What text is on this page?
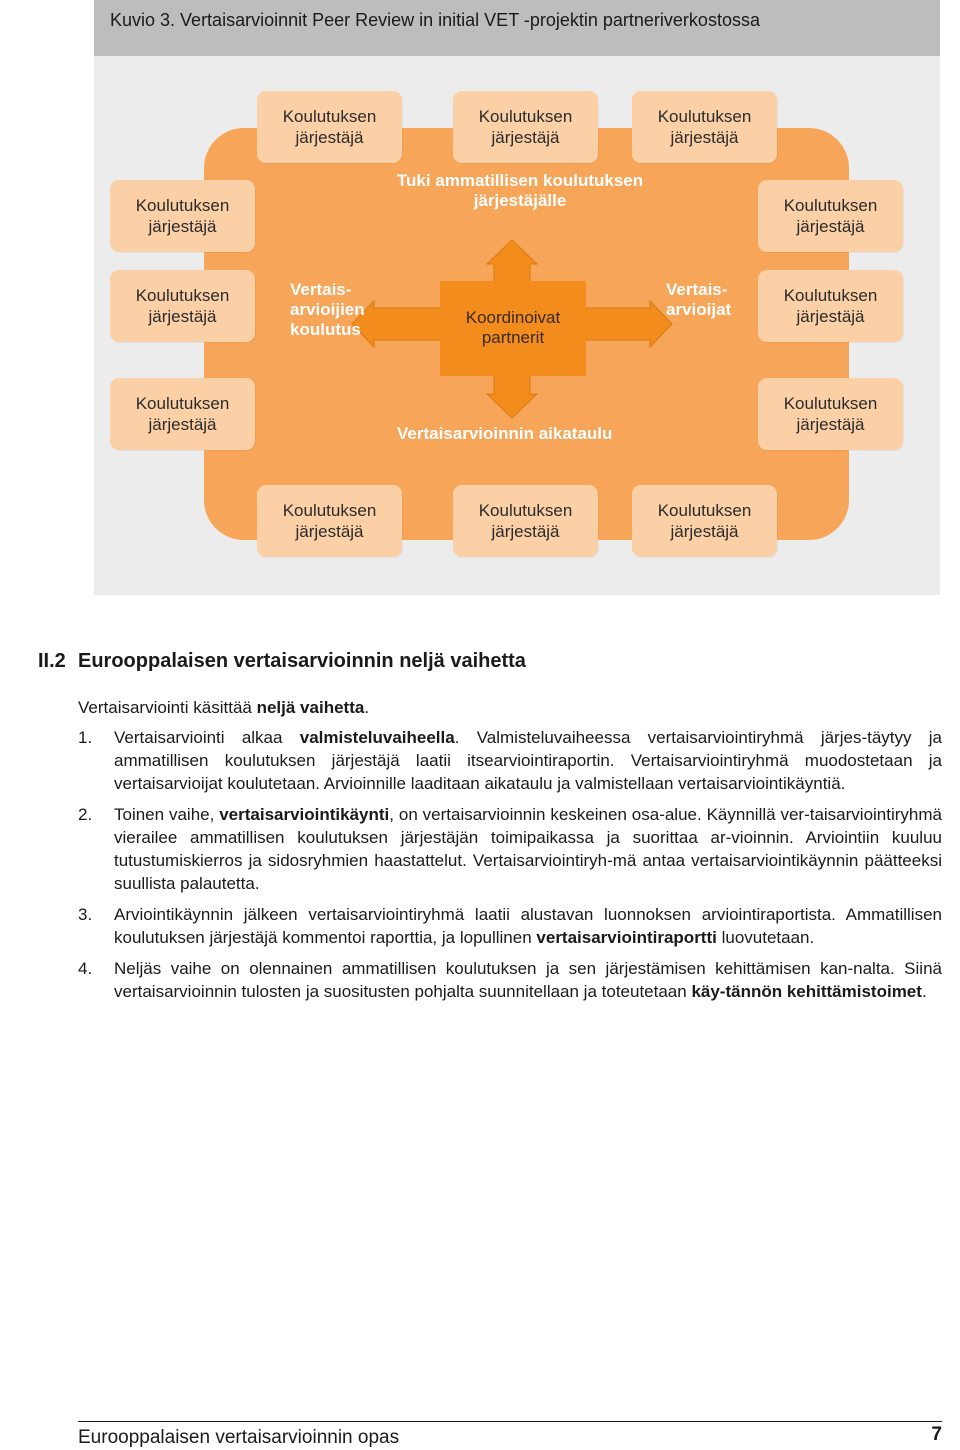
Kuvio 3. Vertaisarvioinnit Peer Review in initial VET -projektin partneriverkostossa
Koulutuksen
järjestäjä
Koulutuksen
järjestäjä
Koulutuksen
järjestäjä
Koulutuksen
järjestäjä
Koulutuksen
järjestäjä
Koulutuksen
järjestäjä
Koulutuksen
järjestäjä
Koulutuksen
järjestäjä
Koulutuksen
järjestäjä
Koulutuksen
järjestäjä
Koulutuksen
järjestäjä
Koulutuksen
järjestäjä
Tuki ammatillisen koulutuksen
järjestäjälle
Vertais-
arvioijien
koulutus
Koordinoivat
partnerit
Vertais-
arvioijat
Vertaisarvioinnin aikataulu
II.2 Eurooppalaisen vertaisarvioinnin neljä vaihetta
Vertaisarviointi käsittää neljä vaihetta.
1. Vertaisarviointi alkaa valmisteluvaiheella. Valmisteluvaiheessa vertaisarviointiryhmä järjes-täytyy ja ammatillisen koulutuksen järjestäjä laatii itsearviointiraportin. Vertaisarviointiryhmä muodostetaan ja vertaisarvioijat koulutetaan. Arvioinnille laaditaan aikataulu ja valmistellaan vertaisarviointikäyntiä.
2. Toinen vaihe, vertaisarviointikäynti, on vertaisarvioinnin keskeinen osa-alue. Käynnillä ver-taisarviointiryhmä vierailee ammatillisen koulutuksen järjestäjän toimipaikassa ja suorittaa ar-vioinnin. Arviointiin kuuluu tutustumiskierros ja sidosryhmien haastattelut. Vertaisarviointiryh-mä antaa vertaisarviointikäynnin päätteeksi suullista palautetta.
3. Arviointikäynnin jälkeen vertaisarviointiryhmä laatii alustavan luonnoksen arviointiraportista. Ammatillisen koulutuksen järjestäjä kommentoi raporttia, ja lopullinen vertaisarviointiraportti luovutetaan.
4. Neljäs vaihe on olennainen ammatillisen koulutuksen ja sen järjestämisen kehittämisen kan-nalta. Siinä vertaisarvioinnin tulosten ja suositusten pohjalta suunnitellaan ja toteutetaan käy-tännön kehittämistoimet.
Eurooppalaisen vertaisarvioinnin opas	7
